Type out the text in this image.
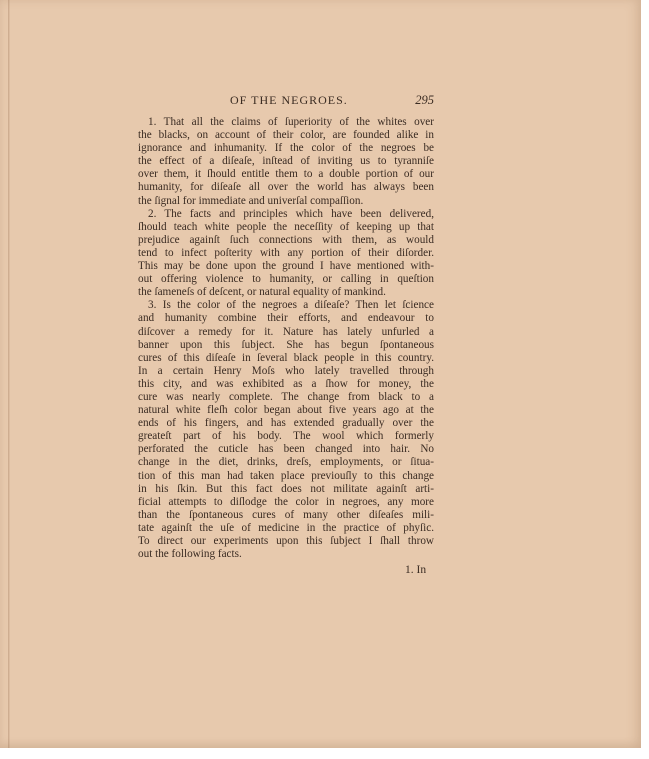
OF THE NEGROES.	295
1. That all the claims of ſuperiority of the whites over
the blacks, on account of their color, are founded alike in
ignorance and inhumanity. If the color of the negroes be
the effect of a diſeaſe, inſtead of inviting us to tyranniſe
over them, it ſhould entitle them to a double portion of our
humanity, for diſeaſe all over the world has always been
the ſignal for immediate and univerſal compaſſion.
2. The facts and principles which have been delivered,
ſhould teach white people the neceſſity of keeping up that
prejudice againſt ſuch connections with them, as would
tend to infect poſterity with any portion of their diſorder.
This may be done upon the ground I have mentioned with-
out offering violence to humanity, or calling in queſtion
the ſameneſs of deſcent, or natural equality of mankind.
3. Is the color of the negroes a diſeaſe? Then let ſcience
and humanity combine their efforts, and endeavour to
diſcover a remedy for it. Nature has lately unfurled a
banner upon this ſubject. She has begun ſpontaneous
cures of this diſeaſe in ſeveral black people in this country.
In a certain Henry Moſs who lately travelled through
this city, and was exhibited as a ſhow for money, the
cure was nearly complete. The change from black to a
natural white fleſh color began about five years ago at the
ends of his fingers, and has extended gradually over the
greateſt part of his body. The wool which formerly
perforated the cuticle has been changed into hair. No
change in the diet, drinks, dreſs, employments, or ſitua-
tion of this man had taken place previouſly to this change
in his ſkin. But this fact does not militate againſt arti-
ficial attempts to diſlodge the color in negroes, any more
than the ſpontaneous cures of many other diſeaſes mili-
tate againſt the uſe of medicine in the practice of phyſic.
To direct our experiments upon this ſubject I ſhall throw
out the following facts.
1. In
